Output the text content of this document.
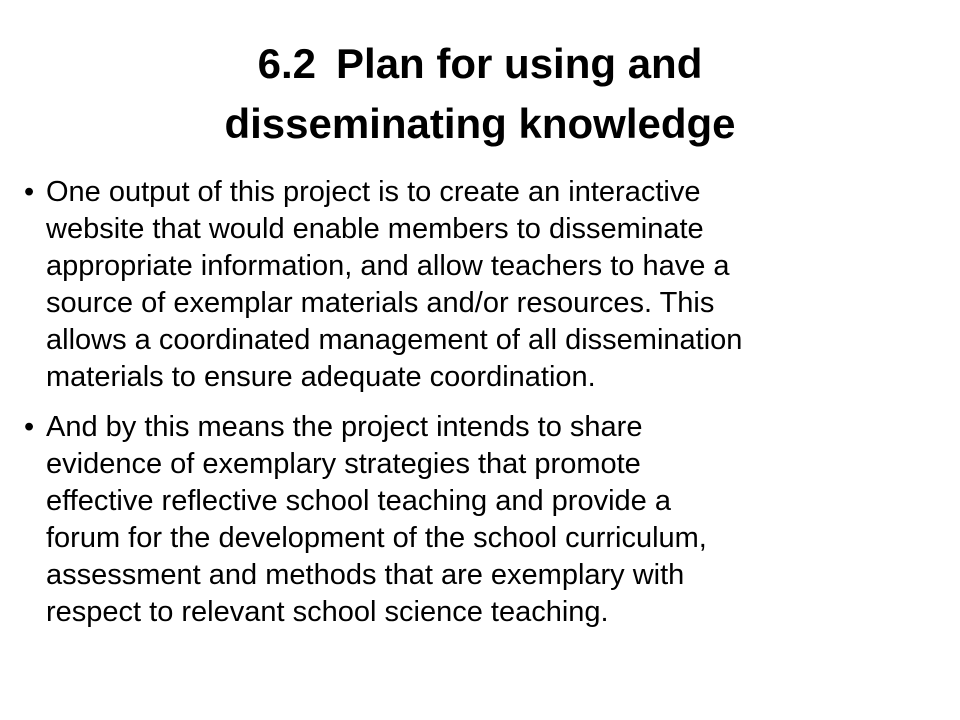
6.2 Plan for using and
disseminating knowledge
• One output of this project is to create an interactive
website that would enable members to disseminate
appropriate information, and allow teachers to have a
source of exemplar materials and/or resources. This
allows a coordinated management of all dissemination
materials to ensure adequate coordination.
• And by this means the project intends to share
evidence of exemplary strategies that promote
effective reflective school teaching and provide a
forum for the development of the school curriculum,
assessment and methods that are exemplary with
respect to relevant school science teaching.
